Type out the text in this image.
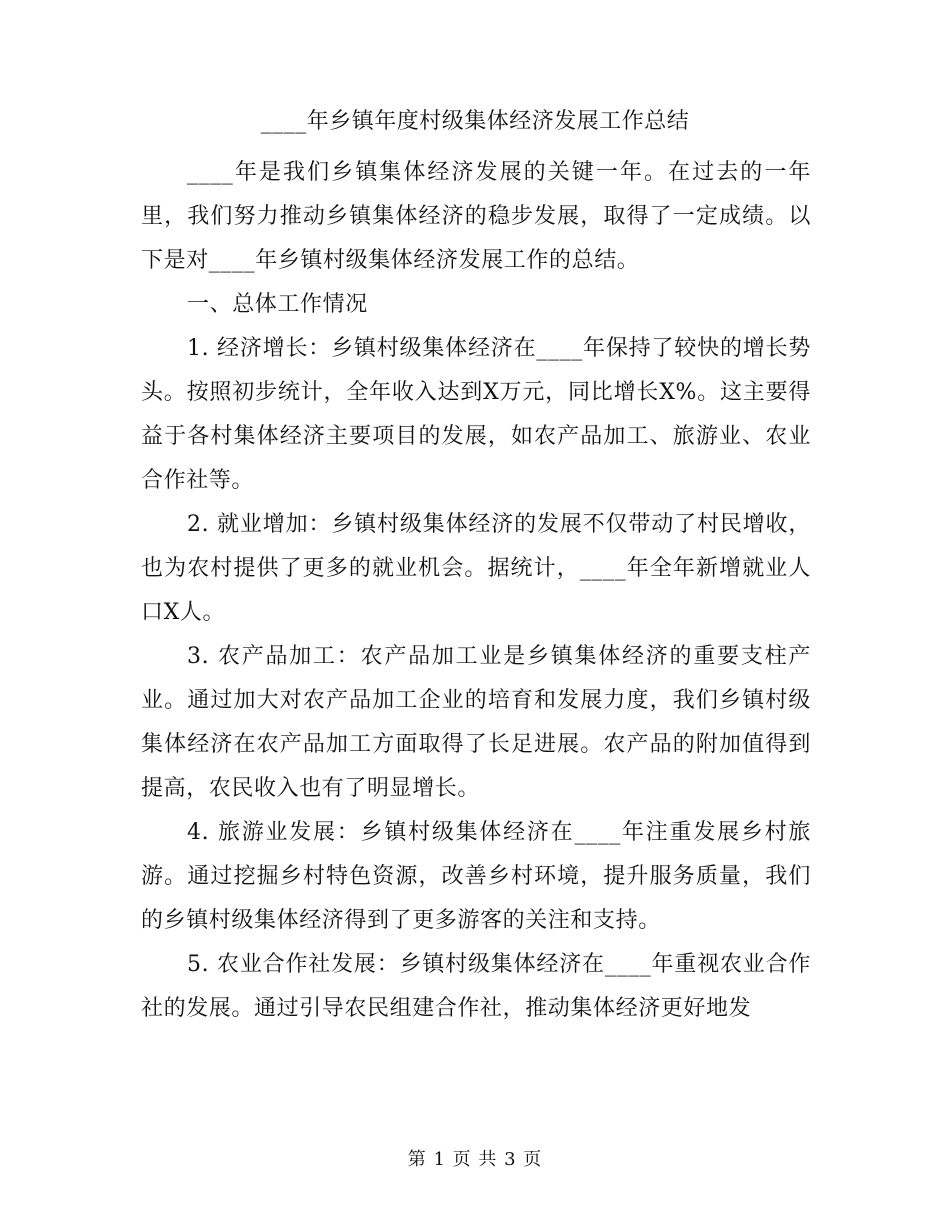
____年乡镇年度村级集体经济发展工作总结

____年是我们乡镇集体经济发展的关键一年。在过去的一年里，我们努力推动乡镇集体经济的稳步发展，取得了一定成绩。以下是对____年乡镇村级集体经济发展工作的总结。

一、总体工作情况

1. 经济增长：乡镇村级集体经济在____年保持了较快的增长势头。按照初步统计，全年收入达到X万元，同比增长X%。这主要得益于各村集体经济主要项目的发展，如农产品加工、旅游业、农业合作社等。

2. 就业增加：乡镇村级集体经济的发展不仅带动了村民增收，也为农村提供了更多的就业机会。据统计，____年全年新增就业人口X人。

3. 农产品加工：农产品加工业是乡镇集体经济的重要支柱产业。通过加大对农产品加工企业的培育和发展力度，我们乡镇村级集体经济在农产品加工方面取得了长足进展。农产品的附加值得到提高，农民收入也有了明显增长。

4. 旅游业发展：乡镇村级集体经济在____年注重发展乡村旅游。通过挖掘乡村特色资源，改善乡村环境，提升服务质量，我们的乡镇村级集体经济得到了更多游客的关注和支持。

5. 农业合作社发展：乡镇村级集体经济在____年重视农业合作社的发展。通过引导农民组建合作社，推动集体经济更好地发

第 1 页 共 3 页
